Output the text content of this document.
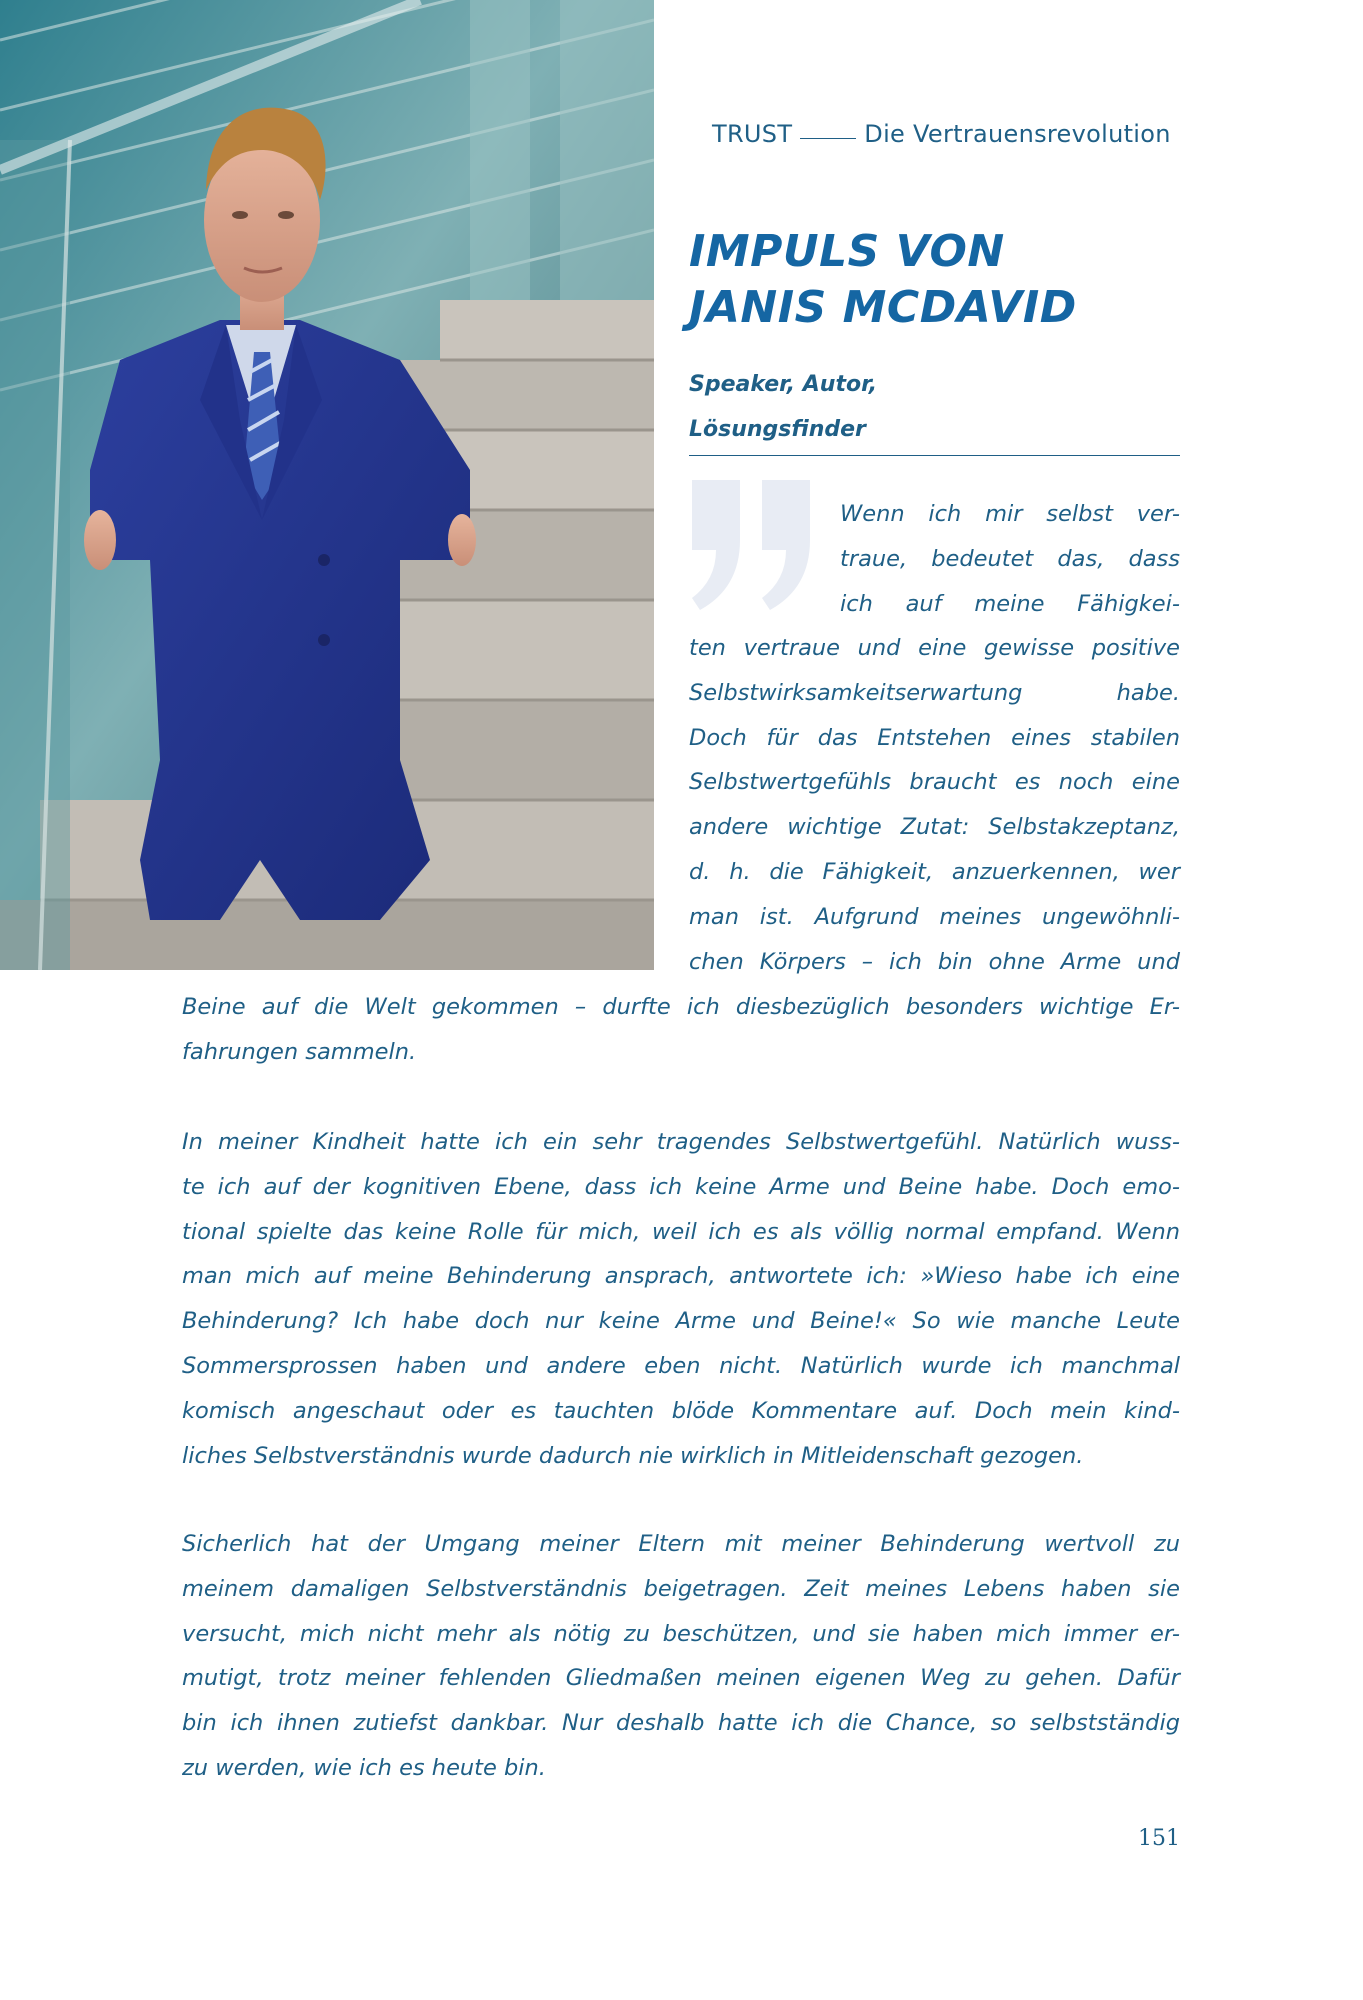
TRUST	Die Vertrauensrevolution
IMPULS VON
JANIS MCDAVID
Speaker, Autor,
Lösungsfinder
Wenn ich mir selbst ver-
traue, bedeutet das, dass
ich auf meine Fähigkei-
ten vertraue und eine gewisse positive
Selbstwirksamkeitserwartung habe.
Doch für das Entstehen eines stabilen
Selbstwertgefühls braucht es noch eine
andere wichtige Zutat: Selbstakzeptanz,
d. h. die Fähigkeit, anzuerkennen, wer
man ist. Aufgrund meines ungewöhnli-
chen Körpers – ich bin ohne Arme und
Beine auf die Welt gekommen – durfte ich diesbezüglich besonders wichtige Er-
fahrungen sammeln.
In meiner Kindheit hatte ich ein sehr tragendes Selbstwertgefühl. Natürlich wuss-
te ich auf der kognitiven Ebene, dass ich keine Arme und Beine habe. Doch emo-
tional spielte das keine Rolle für mich, weil ich es als völlig normal empfand. Wenn
man mich auf meine Behinderung ansprach, antwortete ich: »Wieso habe ich eine
Behinderung? Ich habe doch nur keine Arme und Beine!« So wie manche Leute
Sommersprossen haben und andere eben nicht. Natürlich wurde ich manchmal
komisch angeschaut oder es tauchten blöde Kommentare auf. Doch mein kind-
liches Selbstverständnis wurde dadurch nie wirklich in Mitleidenschaft gezogen.
Sicherlich hat der Umgang meiner Eltern mit meiner Behinderung wertvoll zu
meinem damaligen Selbstverständnis beigetragen. Zeit meines Lebens haben sie
versucht, mich nicht mehr als nötig zu beschützen, und sie haben mich immer er-
mutigt, trotz meiner fehlenden Gliedmaßen meinen eigenen Weg zu gehen. Dafür
bin ich ihnen zutiefst dankbar. Nur deshalb hatte ich die Chance, so selbstständig
zu werden, wie ich es heute bin.
151
